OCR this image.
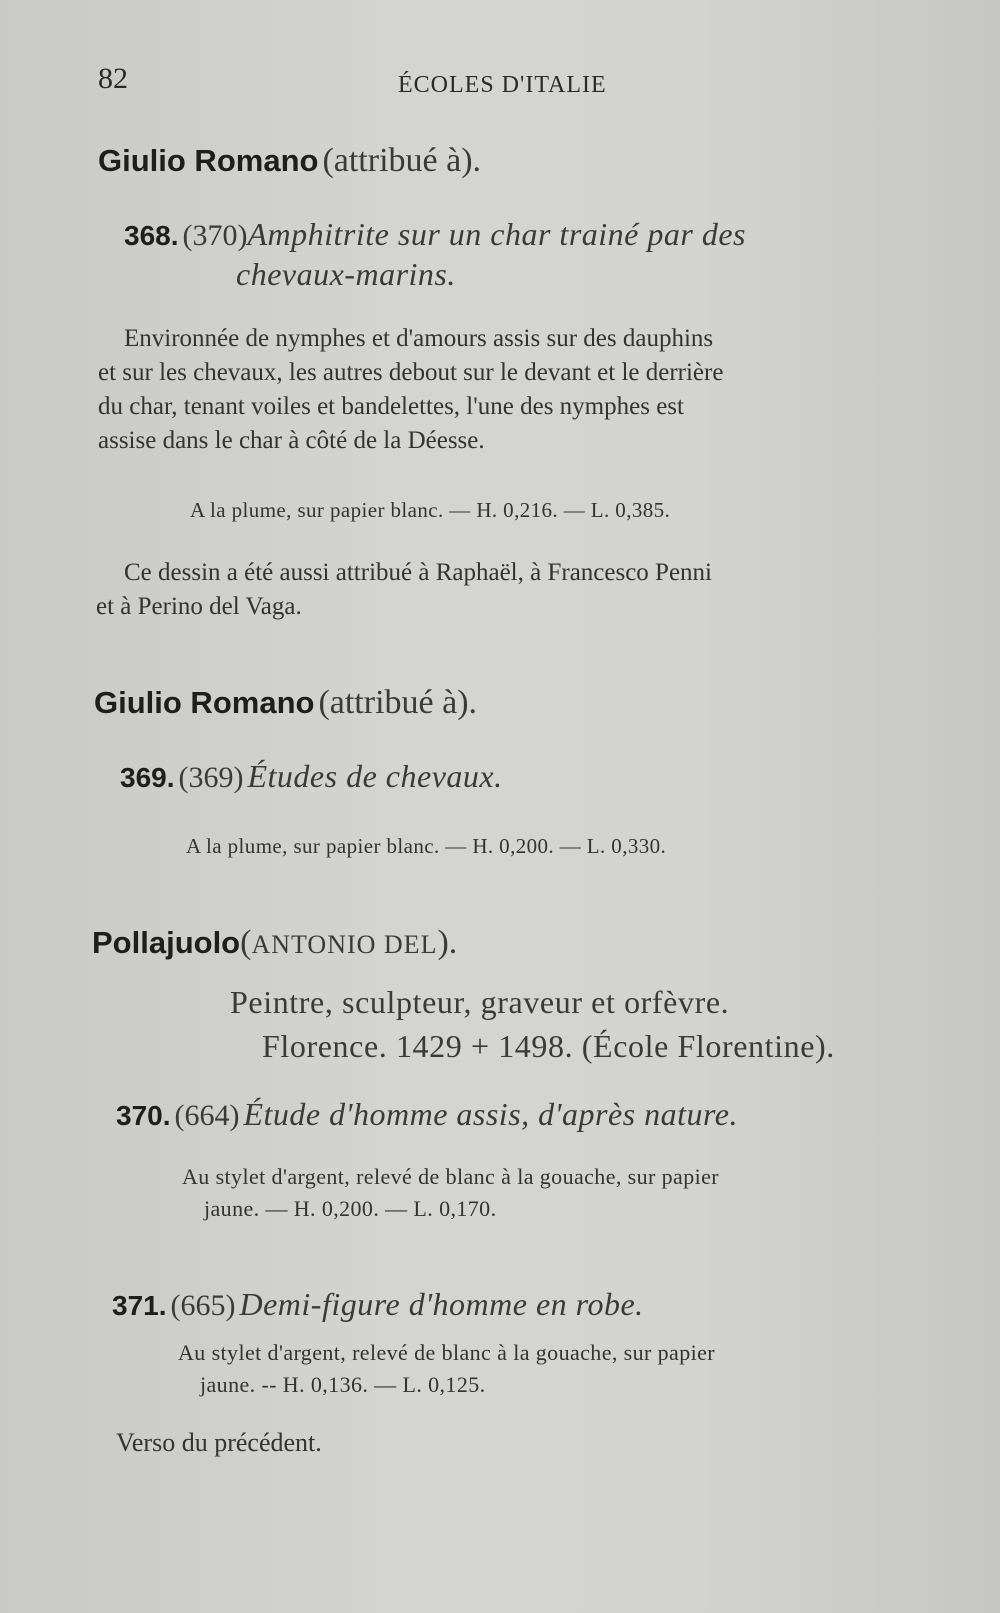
82	ÉCOLES D'ITALIE
Giulio Romano (attribué à).
368. (370)Amphitrite sur un char trainé par des
chevaux-marins.
Environnée de nymphes et d'amours assis sur des dauphins
et sur les chevaux, les autres debout sur le devant et le derrière
du char, tenant voiles et bandelettes, l'une des nymphes est
assise dans le char à côté de la Déesse.
A la plume, sur papier blanc. — H. 0,216. — L. 0,385.
Ce dessin a été aussi attribué à Raphaël, à Francesco Penni
et à Perino del Vaga.
Giulio Romano (attribué à).
369. (369) Études de chevaux.
A la plume, sur papier blanc. — H. 0,200. — L. 0,330.
Pollajuolo(ANTONIO DEL).
Peintre, sculpteur, graveur et orfèvre.
Florence. 1429 + 1498. (École Florentine).
370. (664) Étude d'homme assis, d'après nature.
Au stylet d'argent, relevé de blanc à la gouache, sur papier
jaune. — H. 0,200. — L. 0,170.
371. (665) Demi-figure d'homme en robe.
Au stylet d'argent, relevé de blanc à la gouache, sur papier
jaune. -- H. 0,136. — L. 0,125.
Verso du précédent.
